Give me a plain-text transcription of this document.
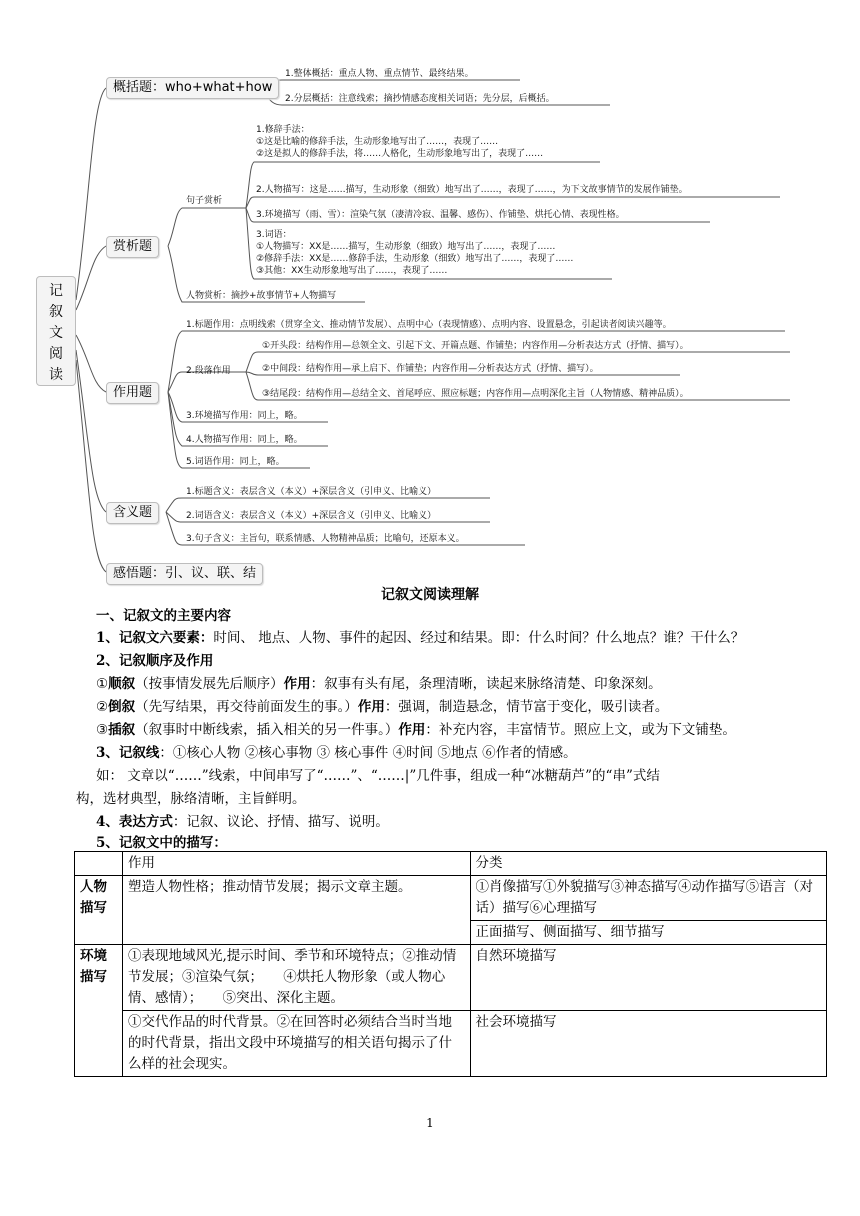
记
叙
文
阅
读
概括题：who+what+how
赏析题
作用题
含义题
感悟题：引、议、联、结
1.整体概括：重点人物、重点情节、最终结果。
2.分层概括：注意线索；摘抄情感态度相关词语；先分层，后概括。
句子赏析
1.修辞手法：
①这是比喻的修辞手法，生动形象地写出了……，表现了……
②这是拟人的修辞手法，将……人格化，生动形象地写出了，表现了……
2.人物描写：这是……描写，生动形象（细致）地写出了……，表现了……，为下文故事情节的发展作铺垫。
3.环境描写（雨、雪）：渲染气氛（凄清冷寂、温馨、感伤）、作铺垫、烘托心情、表现性格。
3.词语：
①人物描写：XX是……描写，生动形象（细致）地写出了……，表现了……
②修辞手法：XX是……修辞手法，生动形象（细致）地写出了……，表现了……
③其他：XX生动形象地写出了……，表现了……
人物赏析：摘抄+故事情节+人物描写
1.标题作用：点明线索（贯穿全文、推动情节发展）、点明中心（表现情感）、点明内容、设置悬念，引起读者阅读兴趣等。
2.段落作用
①开头段：结构作用—总领全文、引起下文、开篇点题、作铺垫；内容作用—分析表达方式（抒情、描写）。
②中间段：结构作用—承上启下、作铺垫；内容作用—分析表达方式（抒情、描写）。
③结尾段：结构作用—总结全文、首尾呼应、照应标题；内容作用—点明深化主旨（人物情感、精神品质）。
3.环境描写作用：同上，略。
4.人物描写作用：同上，略。
5.词语作用：同上，略。
1.标题含义：表层含义（本义）+深层含义（引申义、比喻义）
2.词语含义：表层含义（本义）+深层含义（引申义、比喻义）
3.句子含义：主旨句，联系情感、人物精神品质；比喻句，还原本义。
记叙文阅读理解
一、记叙文的主要内容
1、记叙文六要素：时间、 地点、人物、事件的起因、经过和结果。即：什么时间？什么地点？谁？干什么？
2、记叙顺序及作用
①顺叙（按事情发展先后顺序）作用：叙事有头有尾，条理清晰，读起来脉络清楚、印象深刻。
②倒叙（先写结果，再交待前面发生的事。）作用：强调，制造悬念，情节富于变化，吸引读者。
③插叙（叙事时中断线索，插入相关的另一件事。）作用：补充内容，丰富情节。照应上文，或为下文铺垫。
3、记叙线：①核心人物 ②核心事物 ③ 核心事件 ④时间 ⑤地点 ⑥作者的情感。
如： 文章以“……”线索，中间串写了“……”、“……|”几件事，组成一种“冰糖葫芦”的“串”式结
构，选材典型，脉络清晰，主旨鲜明。
4、表达方式：记叙、议论、抒情、描写、说明。
5、记叙文中的描写：
	作用	分类
人物
描写	塑造人物性格；推动情节发展；揭示文章主题。	①肖像描写①外貌描写③神态描写④动作描写⑤语言（对话）描写⑥心理描写
		正面描写、侧面描写、细节描写
环境
描写	①表现地域风光,提示时间、季节和环境特点；②推动情节发展；③渲染气氛；　　④烘托人物形象（或人物心情、感情）；　　⑤突出、深化主题。	自然环境描写
	①交代作品的时代背景。②在回答时必须结合当时当地的时代背景，指出文段中环境描写的相关语句揭示了什么样的社会现实。	社会环境描写
1
